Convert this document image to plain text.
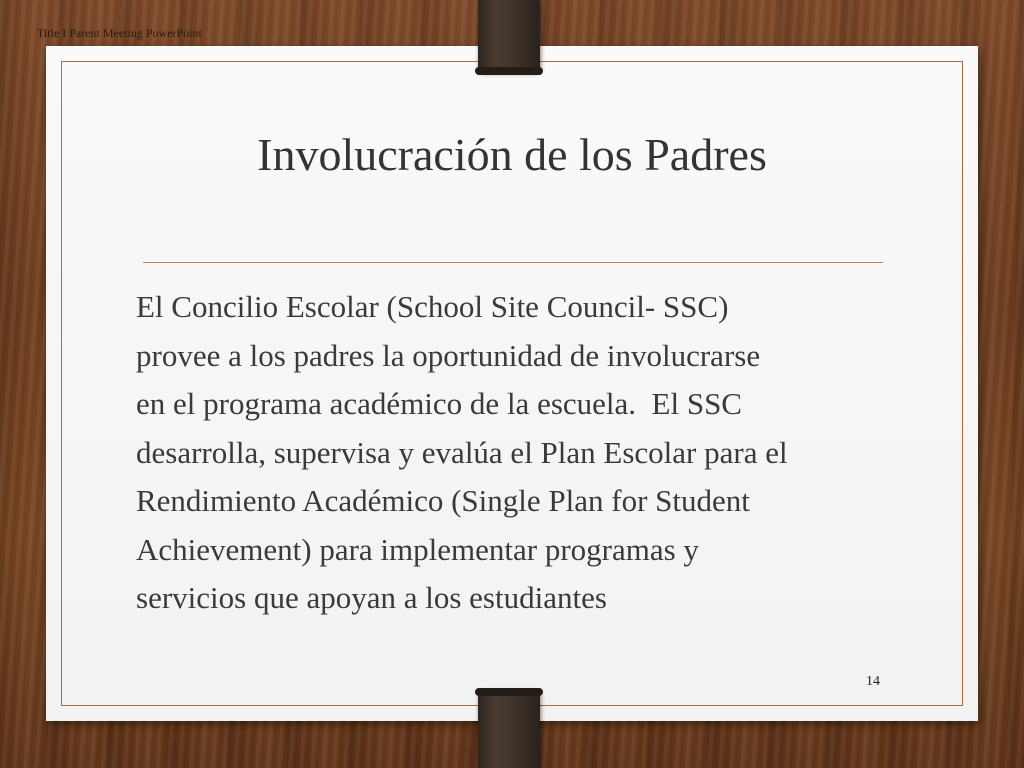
Title I Parent Meeting PowerPoint
Involucración de los Padres
El Concilio Escolar (School Site Council- SSC)
provee a los padres la oportunidad de involucrarse
en el programa académico de la escuela.  El SSC
desarrolla, supervisa y evalúa el Plan Escolar para el
Rendimiento Académico (Single Plan for Student
Achievement) para implementar programas y
servicios que apoyan a los estudiantes
14
